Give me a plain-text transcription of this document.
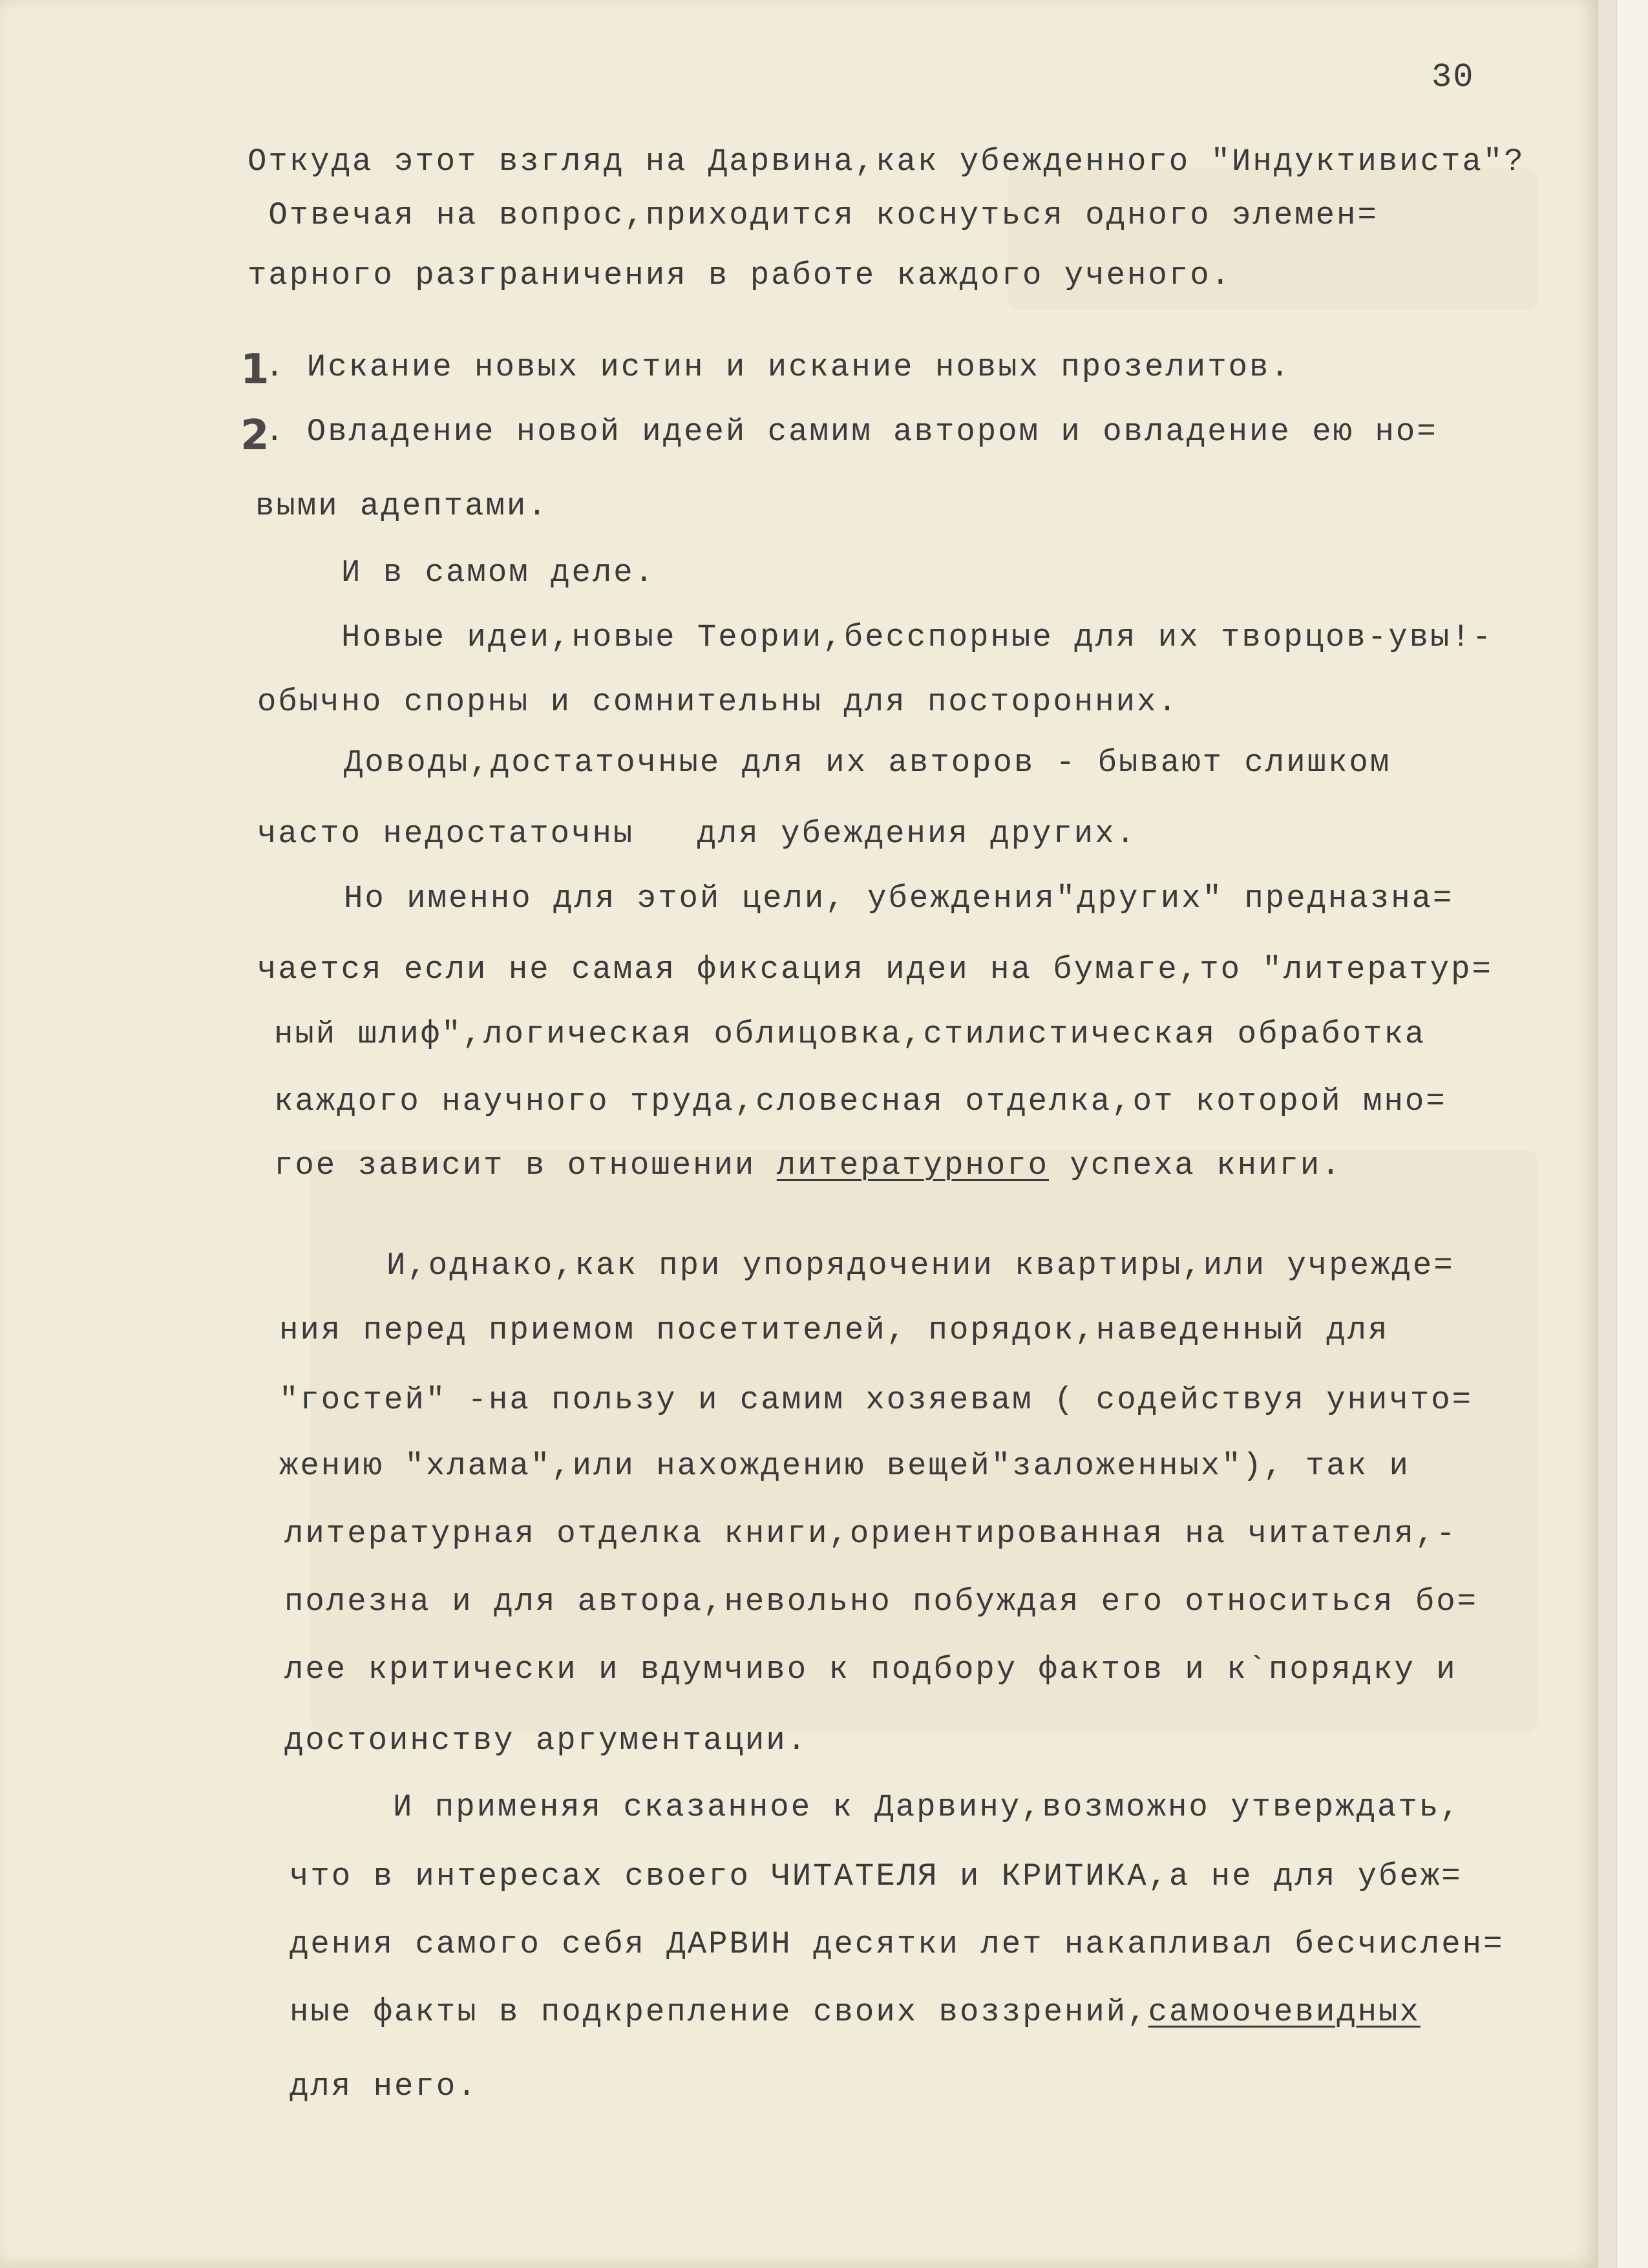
30
Откуда этот взгляд на Дарвина,как убежденного "Индуктивиста"?
Отвечая на вопрос,приходится коснуться одного элемен=
тарного разграничения в работе каждого ученого.
1
. Искание новых истин и искание новых прозелитов.
2
. Овладение новой идеей самим автором и овладение ею но=
выми адептами.
И в самом деле.
Новые идеи,новые Теории,бесспорные для их творцов-увы!-
обычно спорны и сомнительны для посторонних.
Доводы,достаточные для их авторов - бывают слишком
часто недостаточны   для убеждения других.
Но именно для этой цели, убеждения"других" предназна=
чается если не самая фиксация идеи на бумаге,то "литератур=
ный шлиф",логическая облицовка,стилистическая обработка
каждого научного труда,словесная отделка,от которой мно=
гое зависит в отношении литературного успеха книги.
И,однако,как при упорядочении квартиры,или учрежде=
ния перед приемом посетителей, порядок,наведенный для
"гостей" -на пользу и самим хозяевам ( содействуя уничто=
жению "хлама",или нахождению вещей"заложенных"), так и
литературная отделка книги,ориентированная на читателя,-
полезна и для автора,невольно побуждая его относиться бо=
лее критически и вдумчиво к подбору фактов и к`порядку и
достоинству аргументации.
И применяя сказанное к Дарвину,возможно утверждать,
что в интересах своего ЧИТАТЕЛЯ и КРИТИКА,а не для убеж=
дения самого себя ДАРВИН десятки лет накапливал бесчислен=
ные факты в подкрепление своих воззрений,самоочевидных
для него.
